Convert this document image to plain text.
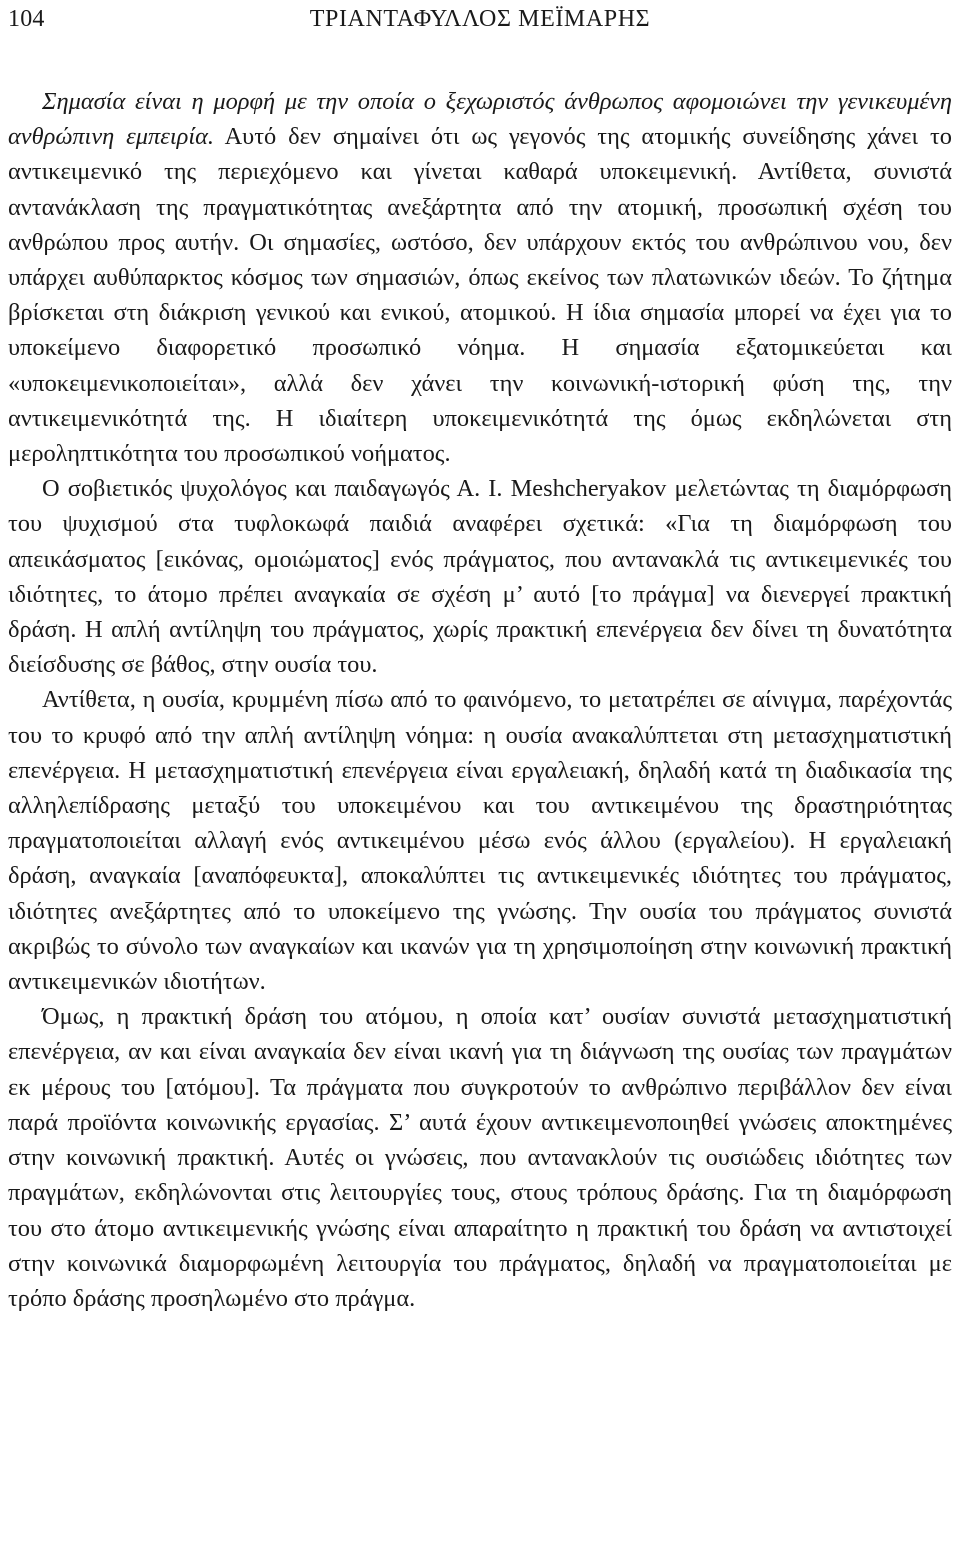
104	ΤΡΙΑΝΤΑΦΥΛΛΟΣ ΜΕΪΜΑΡΗΣ

Σημασία είναι η μορφή με την οποία ο ξεχωριστός άνθρωπος αφομοιώνει την γενικευμένη ανθρώπινη εμπειρία. Αυτό δεν σημαίνει ότι ως γεγονός της ατομικής συνείδησης χάνει το αντικειμενικό της περιεχόμενο και γίνεται καθαρά υποκειμενική. Αντίθετα, συνιστά αντανάκλαση της πραγματικότητας ανεξάρτητα από την ατομική, προσωπική σχέση του ανθρώπου προς αυτήν. Οι σημασίες, ωστόσο, δεν υπάρχουν εκτός του ανθρώπινου νου, δεν υπάρχει αυθύπαρκτος κόσμος των σημασιών, όπως εκείνος των πλατωνικών ιδεών. Το ζήτημα βρίσκεται στη διάκριση γενικού και ενικού, ατομικού. Η ίδια σημασία μπορεί να έχει για το υποκείμενο διαφορετικό προσωπικό νόημα. Η σημασία εξατομικεύεται και «υποκειμενικοποιείται», αλλά δεν χάνει την κοινωνική-ιστορική φύση της, την αντικειμενικότητά της. Η ιδιαίτερη υποκειμενικότητά της όμως εκδηλώνεται στη μεροληπτικότητα του προσωπικού νοήματος.

Ο σοβιετικός ψυχολόγος και παιδαγωγός Α. Ι. Meshcheryakov μελετώντας τη διαμόρφωση του ψυχισμού στα τυφλοκωφά παιδιά αναφέρει σχετικά: «Για τη διαμόρφωση του απεικάσματος [εικόνας, ομοιώματος] ενός πράγματος, που αντανακλά τις αντικειμενικές του ιδιότητες, το άτομο πρέπει αναγκαία σε σχέση μ’ αυτό [το πράγμα] να διενεργεί πρακτική δράση. Η απλή αντίληψη του πράγματος, χωρίς πρακτική επενέργεια δεν δίνει τη δυνατότητα διείσδυσης σε βάθος, στην ουσία του.

Αντίθετα, η ουσία, κρυμμένη πίσω από το φαινόμενο, το μετατρέπει σε αίνιγμα, παρέχοντάς του το κρυφό από την απλή αντίληψη νόημα: η ουσία ανακαλύπτεται στη μετασχηματιστική επενέργεια. Η μετασχηματιστική επενέργεια είναι εργαλειακή, δηλαδή κατά τη διαδικασία της αλληλεπίδρασης μεταξύ του υποκειμένου και του αντικειμένου της δραστηριότητας πραγματοποιείται αλλαγή ενός αντικειμένου μέσω ενός άλλου (εργαλείου). Η εργαλειακή δράση, αναγκαία [αναπόφευκτα], αποκαλύπτει τις αντικειμενικές ιδιότητες του πράγματος, ιδιότητες ανεξάρτητες από το υποκείμενο της γνώσης. Την ουσία του πράγματος συνιστά ακριβώς το σύνολο των αναγκαίων και ικανών για τη χρησιμοποίηση στην κοινωνική πρακτική αντικειμενικών ιδιοτήτων.

Όμως, η πρακτική δράση του ατόμου, η οποία κατ’ ουσίαν συνιστά μετασχηματιστική επενέργεια, αν και είναι αναγκαία δεν είναι ικανή για τη διάγνωση της ουσίας των πραγμάτων εκ μέρους του [ατόμου]. Τα πράγματα που συγκροτούν το ανθρώπινο περιβάλλον δεν είναι παρά προϊόντα κοινωνικής εργασίας. Σ’ αυτά έχουν αντικειμενοποιηθεί γνώσεις αποκτημένες στην κοινωνική πρακτική. Αυτές οι γνώσεις, που αντανακλούν τις ουσιώδεις ιδιότητες των πραγμάτων, εκδηλώνονται στις λειτουργίες τους, στους τρόπους δράσης. Για τη διαμόρφωση του στο άτομο αντικειμενικής γνώσης είναι απαραίτητο η πρακτική του δράση να αντιστοιχεί στην κοινωνικά διαμορφωμένη λειτουργία του πράγματος, δηλαδή να πραγματοποιείται με τρόπο δράσης προσηλωμένο στο πράγμα.
